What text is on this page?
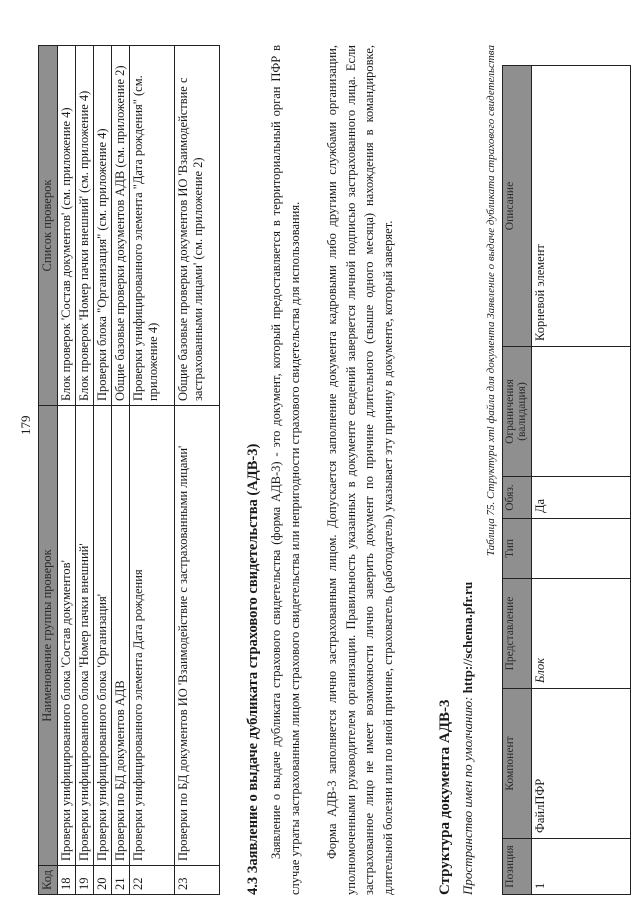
179
Код	Наименование группы проверок	Список проверок
18	Проверки унифицированного блока 'Состав документов'	Блок проверок 'Состав документов' (см. приложение 4)
19	Проверки унифицированного блока 'Номер пачки внешний'	Блок проверок 'Номер пачки внешний' (см. приложение 4)
20	Проверки унифицированного блока 'Организация'	Проверки блока "Организация" (см. приложение 4)
21	Проверки по БД документов АДВ	Общие базовые проверки документов АДВ (см. приложение 2)
22	Проверки унифицированного элемента Дата рождения	Проверки унифицированного элемента "Дата рождения" (см. приложение 4)
23	Проверки по БД документов ИО 'Взаимодействие с застрахованными лицами'	Общие базовые проверки документов ИО 'Взаимодействие с застрахованными лицами' (см. приложение 2)
4.3 Заявление о выдаче дубликата страхового свидетельства (АДВ-3) Заявление о выдаче дубликата страхового свидетельства (форма АДВ-3) - это документ, который предоставляется в территориальный орган ПФР в случае утраты застрахованным лицом страхового свидетельства или непригодности страхового свидетельства для использования. Форма АДВ-3 заполняется лично застрахованным лицом. Допускается заполнение документа кадровыми либо другими службами организации, уполномоченными руководителем организации. Правильность указанных в документе сведений заверяется личной подписью застрахованного лица. Если застрахованное лицо не имеет возможности лично заверить документ по причине длительного (свыше одного месяца) нахождения в командировке, длительной болезни или по иной причине, страхователь (работодатель) указывает эту причину в документе, который заверяет.	Структура документа АДВ-3 Пространство имен по умолчанию: http://schema.pfr.ru
Таблица 75. Структура xml файла для документа Заявление о выдаче дубликата страхового свидетельства
Позиция	Компонент	Представление	Тип	Обяз.	Ограничения (валидация)	Описание
1	ФайлПФР	Блок		Да		Корневой элемент
